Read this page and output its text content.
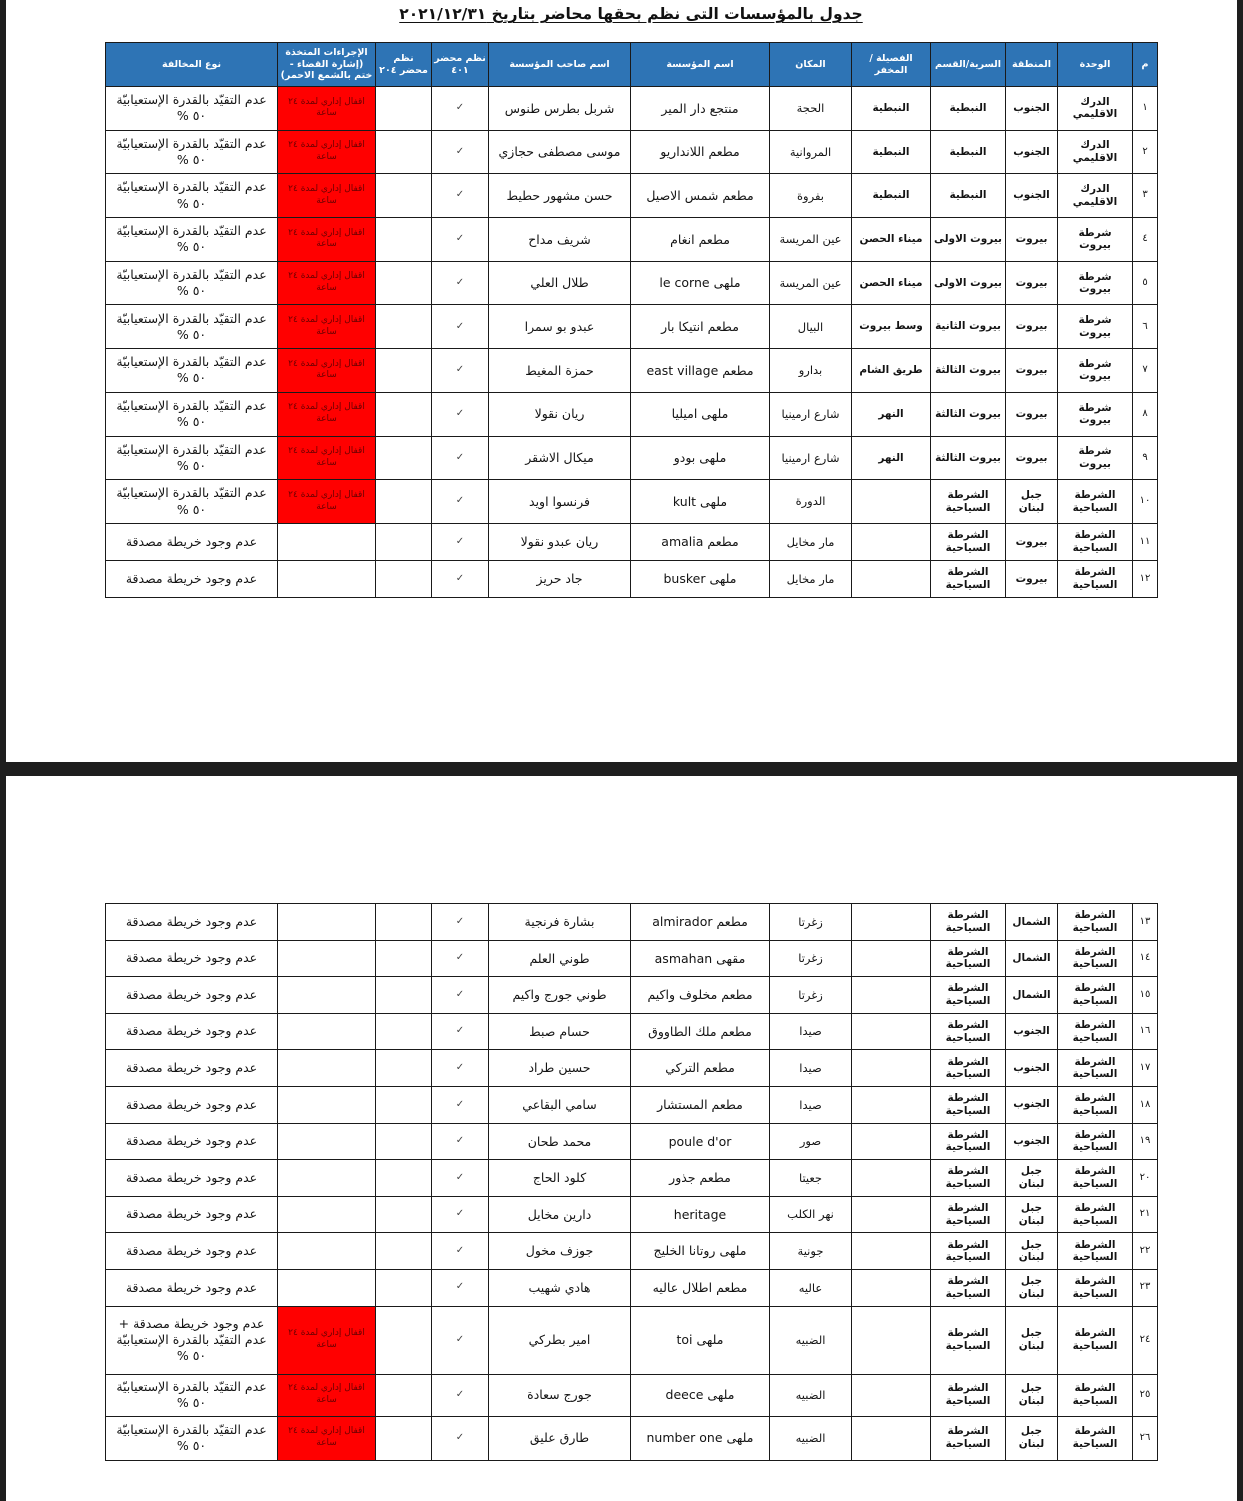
جدول بالمؤسسات التى نظم بحقها محاضر بتاريخ ٢٠٢١/١٢/٣١
م	الوحدة	المنطقة	السرية/القسم	الفصيلة / المخفر	المكان	اسم المؤسسة	اسم صاحب المؤسسة	نظم محضر ٤٠١	نظم محضر ٢٠٤	الإجراءات المتخذة (إشارة القضاء - ختم بالشمع الاحمر)	نوع المخالفة
١	الدرك الاقليمي	الجنوب	النبطية	النبطية	الحجة	منتجع دار المير	شربل بطرس طنوس	✓		اقفال إداري لمدة ٢٤ ساعة	عدم التقيّد بالقدرة الإستعيابيّة ٥٠ %
٢	الدرك الاقليمي	الجنوب	النبطية	النبطية	المروانية	مطعم اللانداريو	موسى مصطفى حجازي	✓		اقفال إداري لمدة ٢٤ ساعة	عدم التقيّد بالقدرة الإستعيابيّة ٥٠ %
٣	الدرك الاقليمي	الجنوب	النبطية	النبطية	بفروة	مطعم شمس الاصيل	حسن مشهور حطيط	✓		اقفال إداري لمدة ٢٤ ساعة	عدم التقيّد بالقدرة الإستعيابيّة ٥٠ %
٤	شرطة بيروت	بيروت	بيروت الاولى	ميناء الحصن	عين المريسة	مطعم انغام	شريف مداح	✓		اقفال إداري لمدة ٢٤ ساعة	عدم التقيّد بالقدرة الإستعيابيّة ٥٠ %
٥	شرطة بيروت	بيروت	بيروت الاولى	ميناء الحصن	عين المريسة	ملهى le corne	طلال العلي	✓		اقفال إداري لمدة ٢٤ ساعة	عدم التقيّد بالقدرة الإستعيابيّة ٥٠ %
٦	شرطة بيروت	بيروت	بيروت الثانية	وسط بيروت	البيال	مطعم انتيكا بار	عبدو بو سمرا	✓		اقفال إداري لمدة ٢٤ ساعة	عدم التقيّد بالقدرة الإستعيابيّة ٥٠ %
٧	شرطة بيروت	بيروت	بيروت الثالثة	طريق الشام	بدارو	مطعم east village	حمزة المغيط	✓		اقفال إداري لمدة ٢٤ ساعة	عدم التقيّد بالقدرة الإستعيابيّة ٥٠ %
٨	شرطة بيروت	بيروت	بيروت الثالثة	النهر	شارع ارمينيا	ملهى اميليا	ريان نقولا	✓		اقفال إداري لمدة ٢٤ ساعة	عدم التقيّد بالقدرة الإستعيابيّة ٥٠ %
٩	شرطة بيروت	بيروت	بيروت الثالثة	النهر	شارع ارمينيا	ملهى بودو	ميكال الاشقر	✓		اقفال إداري لمدة ٢٤ ساعة	عدم التقيّد بالقدرة الإستعيابيّة ٥٠ %
١٠	الشرطة السياحية	جبل لبنان	الشرطة السياحية		الدورة	ملهى kult	فرنسوا اويد	✓		اقفال إداري لمدة ٢٤ ساعة	عدم التقيّد بالقدرة الإستعيابيّة ٥٠ %
١١	الشرطة السياحية	بيروت	الشرطة السياحية		مار مخايل	مطعم amalia	ريان عبدو نقولا	✓			عدم وجود خريطة مصدقة
١٢	الشرطة السياحية	بيروت	الشرطة السياحية		مار مخايل	ملهى busker	جاد حريز	✓			عدم وجود خريطة مصدقة
١٣	الشرطة السياحية	الشمال	الشرطة السياحية		زغرتا	مطعم almirador	بشارة فرنجية	✓			عدم وجود خريطة مصدقة
١٤	الشرطة السياحية	الشمال	الشرطة السياحية		زغرتا	مقهى asmahan	طوني العلم	✓			عدم وجود خريطة مصدقة
١٥	الشرطة السياحية	الشمال	الشرطة السياحية		زغرتا	مطعم مخلوف واكيم	طوني جورج واكيم	✓			عدم وجود خريطة مصدقة
١٦	الشرطة السياحية	الجنوب	الشرطة السياحية		صيدا	مطعم ملك الطاووق	حسام صبط	✓			عدم وجود خريطة مصدقة
١٧	الشرطة السياحية	الجنوب	الشرطة السياحية		صيدا	مطعم التركي	حسين طراد	✓			عدم وجود خريطة مصدقة
١٨	الشرطة السياحية	الجنوب	الشرطة السياحية		صيدا	مطعم المستشار	سامي البقاعي	✓			عدم وجود خريطة مصدقة
١٩	الشرطة السياحية	الجنوب	الشرطة السياحية		صور	poule d'or	محمد طحان	✓			عدم وجود خريطة مصدقة
٢٠	الشرطة السياحية	جبل لبنان	الشرطة السياحية		جعيتا	مطعم جذور	كلود الحاج	✓			عدم وجود خريطة مصدقة
٢١	الشرطة السياحية	جبل لبنان	الشرطة السياحية		نهر الكلب	heritage	دارين مخايل	✓			عدم وجود خريطة مصدقة
٢٢	الشرطة السياحية	جبل لبنان	الشرطة السياحية		جونية	ملهى روتانا الخليج	جوزف مخول	✓			عدم وجود خريطة مصدقة
٢٣	الشرطة السياحية	جبل لبنان	الشرطة السياحية		عاليه	مطعم اطلال عاليه	هادي شهيب	✓			عدم وجود خريطة مصدقة
٢٤	الشرطة السياحية	جبل لبنان	الشرطة السياحية		الضبيه	ملهى toi	امير بطركي	✓		اقفال إداري لمدة ٢٤ ساعة	عدم وجود خريطة مصدقة + عدم التقيّد بالقدرة الإستعيابيّة ٥٠ %
٢٥	الشرطة السياحية	جبل لبنان	الشرطة السياحية		الضبيه	ملهى deece	جورج سعادة	✓		اقفال إداري لمدة ٢٤ ساعة	عدم التقيّد بالقدرة الإستعيابيّة ٥٠ %
٢٦	الشرطة السياحية	جبل لبنان	الشرطة السياحية		الضبيه	ملهى number one	طارق عليق	✓		اقفال إداري لمدة ٢٤ ساعة	عدم التقيّد بالقدرة الإستعيابيّة ٥٠ %
